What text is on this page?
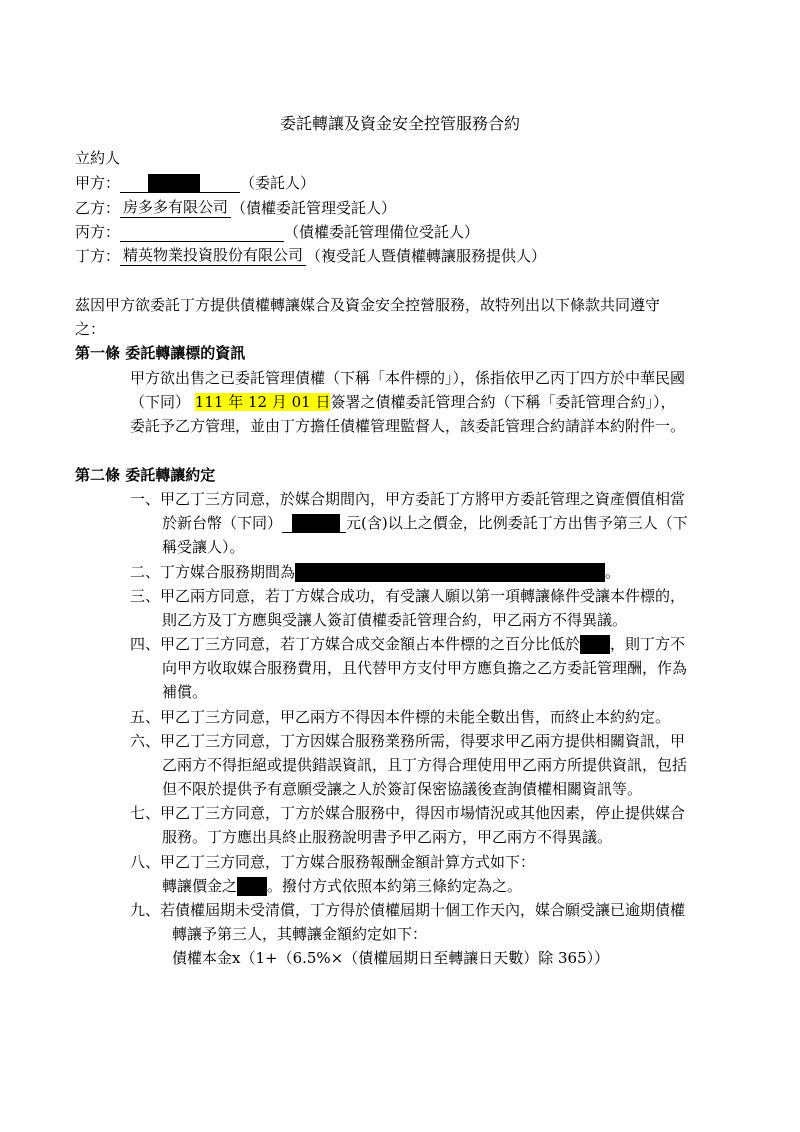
委託轉讓及資金安全控管服務合約
立約人
甲方：	（委託人）
乙方： 房多多有限公司 （債權委託管理受託人）
丙方：	（債權委託管理備位受託人）
丁方： 精英物業投資股份有限公司 （複受託人暨債權轉讓服務提供人）
茲因甲方欲委託丁方提供債權轉讓媒合及資金安全控營服務，故特列出以下條款共同遵守
之：
第一條 委託轉讓標的資訊
甲方欲出售之已委託管理債權（下稱「本件標的」），係指依甲乙丙丁四方於中華民國
（下同） 111 年 12 月 01 日簽署之債權委託管理合約（下稱「委託管理合約」），
委託予乙方管理，並由丁方擔任債權管理監督人，該委託管理合約請詳本約附件一。
第二條 委託轉讓約定
一、甲乙丁三方同意，於媒合期間內，甲方委託丁方將甲方委託管理之資產價值相當
於新台幣（下同）	元(含)以上之價金，比例委託丁方出售予第三人（下
稱受讓人）。
二、丁方媒合服務期間為	。
三、甲乙兩方同意，若丁方媒合成功，有受讓人願以第一項轉讓條件受讓本件標的，
則乙方及丁方應與受讓人簽訂債權委託管理合約，甲乙兩方不得異議。
四、甲乙丁三方同意，若丁方媒合成交金額占本件標的之百分比低於 ，則丁方不
向甲方收取媒合服務費用，且代替甲方支付甲方應負擔之乙方委託管理酬，作為
補償。
五、甲乙丁三方同意，甲乙兩方不得因本件標的未能全數出售，而終止本約約定。
六、甲乙丁三方同意，丁方因媒合服務業務所需，得要求甲乙兩方提供相關資訊，甲
乙兩方不得拒絕或提供錯誤資訊，且丁方得合理使用甲乙兩方所提供資訊，包括
但不限於提供予有意願受讓之人於簽訂保密協議後查詢債權相關資訊等。
七、甲乙丁三方同意，丁方於媒合服務中，得因市場情況或其他因素，停止提供媒合
服務。丁方應出具終止服務說明書予甲乙兩方，甲乙兩方不得異議。
八、甲乙丁三方同意，丁方媒合服務報酬金額計算方式如下：
轉讓價金之 。撥付方式依照本約第三條約定為之。
九、若債權屆期未受清償，丁方得於債權屆期十個工作天內，媒合願受讓已逾期債權
轉讓予第三人，其轉讓金額約定如下：
債權本金x（1+（6.5%×（債權屆期日至轉讓日天數）除 365））
